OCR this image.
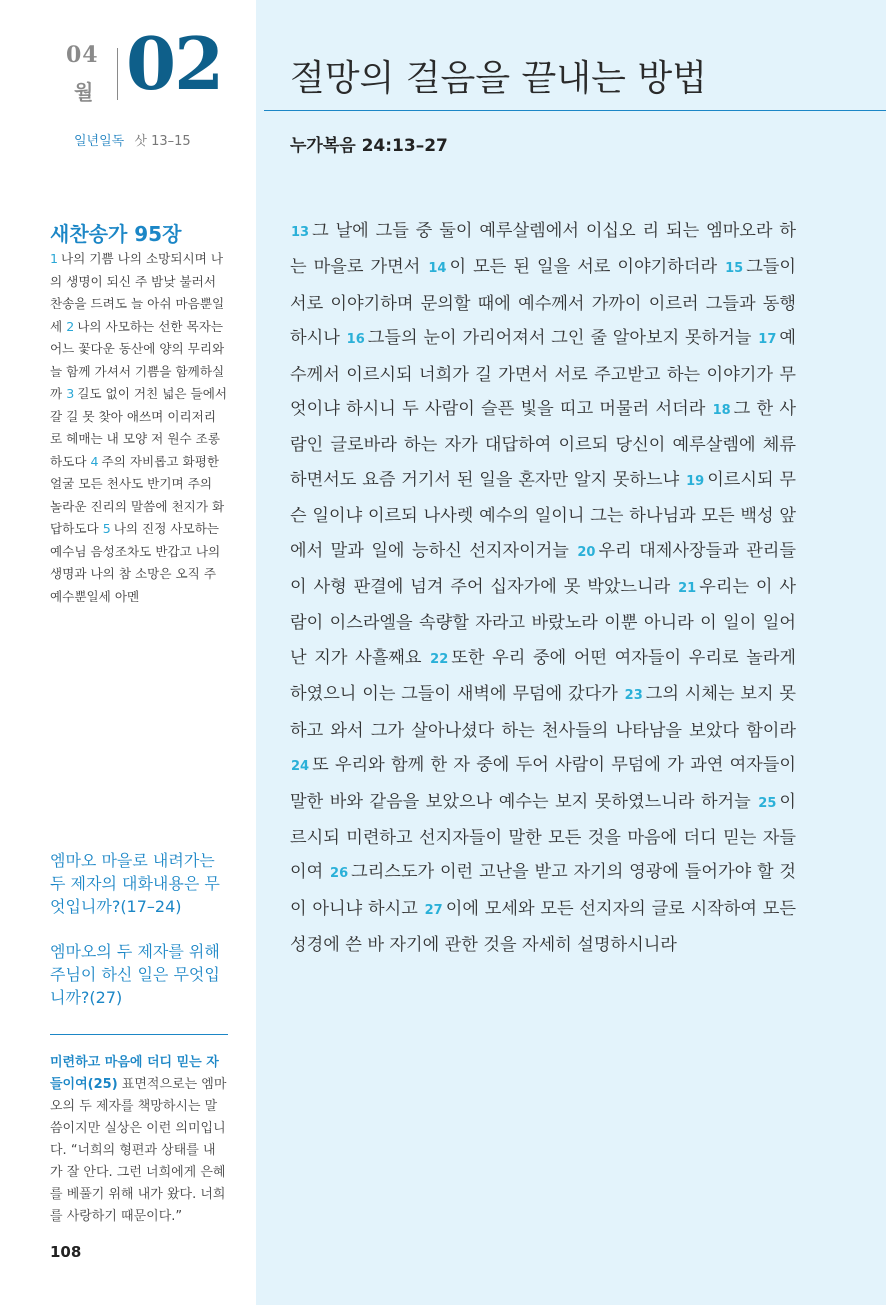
04
월 02
일년일독 삿 13–15
새찬송가 95장
1 나의 기쁨 나의 소망되시며 나의 생명이 되신 주 밤낮 불러서 찬송을 드려도 늘 아쉬 마음뿐일세 2 나의 사모하는 선한 목자는 어느 꽃다운 동산에 양의 무리와 늘 함께 가셔서 기쁨을 함께하실까 3 길도 없이 거친 넓은 들에서 갈 길 못 찾아 애쓰며 이리저리로 헤매는 내 모양 저 원수 조롱하도다 4 주의 자비롭고 화평한 얼굴 모든 천사도 반기며 주의 놀라운 진리의 말씀에 천지가 화답하도다 5 나의 진정 사모하는 예수님 음성조차도 반갑고 나의 생명과 나의 참 소망은 오직 주 예수뿐일세 아멘
엠마오 마을로 내려가는 두 제자의 대화내용은 무엇입니까?(17–24)
엠마오의 두 제자를 위해 주님이 하신 일은 무엇입니까?(27)
미련하고 마음에 더디 믿는 자들이여(25) 표면적으로는 엠마오의 두 제자를 책망하시는 말씀이지만 실상은 이런 의미입니다. “너희의 형편과 상태를 내가 잘 안다. 그런 너희에게 은혜를 베풀기 위해 내가 왔다. 너희를 사랑하기 때문이다.”
108
절망의 걸음을 끝내는 방법
누가복음 24:13–27
13 그 날에 그들 중 둘이 예루살렘에서 이십오 리 되는 엠마오라 하는 마을로 가면서 14 이 모든 된 일을 서로 이야기하더라 15 그들이 서로 이야기하며 문의할 때에 예수께서 가까이 이르러 그들과 동행하시나 16 그들의 눈이 가리어져서 그인 줄 알아보지 못하거늘 17 예수께서 이르시되 너희가 길 가면서 서로 주고받고 하는 이야기가 무엇이냐 하시니 두 사람이 슬픈 빛을 띠고 머물러 서더라 18 그 한 사람인 글로바라 하는 자가 대답하여 이르되 당신이 예루살렘에 체류하면서도 요즘 거기서 된 일을 혼자만 알지 못하느냐 19 이르시되 무슨 일이냐 이르되 나사렛 예수의 일이니 그는 하나님과 모든 백성 앞에서 말과 일에 능하신 선지자이거늘 20 우리 대제사장들과 관리들이 사형 판결에 넘겨 주어 십자가에 못 박았느니라 21 우리는 이 사람이 이스라엘을 속량할 자라고 바랐노라 이뿐 아니라 이 일이 일어난 지가 사흘째요 22 또한 우리 중에 어떤 여자들이 우리로 놀라게 하였으니 이는 그들이 새벽에 무덤에 갔다가 23 그의 시체는 보지 못하고 와서 그가 살아나셨다 하는 천사들의 나타남을 보았다 함이라 24 또 우리와 함께 한 자 중에 두어 사람이 무덤에 가 과연 여자들이 말한 바와 같음을 보았으나 예수는 보지 못하였느니라 하거늘 25 이르시되 미련하고 선지자들이 말한 모든 것을 마음에 더디 믿는 자들이여 26 그리스도가 이런 고난을 받고 자기의 영광에 들어가야 할 것이 아니냐 하시고 27 이에 모세와 모든 선지자의 글로 시작하여 모든 성경에 쓴 바 자기에 관한 것을 자세히 설명하시니라
